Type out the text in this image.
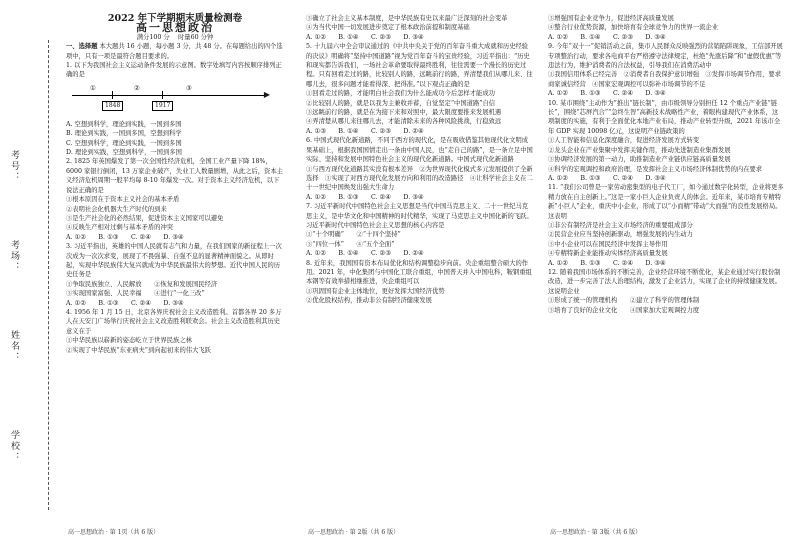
考号：
考场：
姓名：
学校：

2022 年下学期期末质量检测卷

高一思想政治

满分100 分　 时量60 分钟

一、选择题 本大题共 16 小题，每小题 3 分，共 48 分。在每题给出的四个选项中，只有一项是最符合题目要求的。

1. 以下为我国社会主义运动条件发展的示意图。数字处填写内容按顺序排列正确的是

▶
①	②	③
1848	1917

A. 空想到科学，理论到实践，一国到多国

B. 理论到实践，一国到多国，空想到科学

C. 空想到科学，理论到实践，一国到多国

D. 理论到实践，空想到科学，一国到多国

2. 1825 年英国爆发了第一次全国性经济危机，全国工业产量下降 18%，6000 家银行倒闭，13 万家企业破产，失业工人数量剧增，从此之后，资本主义经济危机周期一般平均每 8-10 年爆发一次。对于资本主义经济危机，以下说法正确的是

①根本原因在于资本主义社会的基本矛盾

②表明社会化机器大生产时代的到来

③是生产社会化的必然结果，促进资本主义国家可以避免

④反映生产相对过剩与基本矛盾的冲突

A. ①②　　B. ①③　　C. ②④　　D. ③④

3. 习近平指出，英雄的中国人民就有志气和力量，在我们国家的新征程上一次次成为一次次求变，展现了不畏强暴、自强不息的显著精神面貌之。从即时起，实现中华民族伟大复兴就成为中华民族最伟大的梦想。近代中国人民的历史任务是

①争取民族独立、人民解放　　②恢复和发展国民经济

③实现国家富强、人民幸福　　④进行“一化三改”

A. ①②　　B. ①③　　C. ②④　　D. ③④

4. 1956 年 1 月 15 日，北京各界庆祝社会主义改造胜利。首都各界 20 多万人在天安门广场举行庆祝社会主义改造胜利联欢会。社会主义改造胜利其历史意义在于

①中华民族以崭新的姿态屹立于世界民族之林

②实现了中华民族“东亚病夫”到向起初来的伟大飞跃

高一思想政治 · 第 1页（共 6 版）

③确立了社会主义基本制度，是中华民族有史以来最广泛深刻的社会变革

④为当代中国一切发展进步奠定了根本政治前提和制度基础

A. ①②　　B. ①④　　C. ②③　　D. ③④

5. 十九届六中全会审议通过的《中共中央关于党的百年奋斗重大成就和历史经验的决议》明确将“坚持中国道路”视为党百年奋斗的宝贵经验，习近平指出：“历史和现实都告诉我们，一场社会革命要取得最终胜利，往往需要一个漫长的历史过程。只有回看走过的路，比较别人的路，远眺前行的路，弄清楚我们从哪儿来、往哪儿去，很多问题才能看得深、把得准。”以下观点正确的是

①回看走过的路，才能明白社会我们为什么能成功今后怎样才能成功

②比较别人的路，就是以我为主兼收并蓄，自觉坚定“中国道路”自信

③远眺前行的路，就是在为接下来和对照中，最大限度要推来发展机遇

④弄清楚从哪儿来往哪儿去，才能清除未来的各种风险挑战，行稳致远

A. ①③　　B. ①④　　C. ②③　　D. ②④

6. 中国式现代化新道路，不同于西方的现代化，是在吸收借鉴其他现代化文明成果基础上，根据我国国情走出一条由中国人民，也“走自己的路”，是一条立足中国实际、坚持和发展中国特色社会主义的现代化新道路。中国式现代化新道路

①与西方现代化道路其实没有根本差异　②为世界现代化模式多元发展提供了全新选择　③实现了对西方现代化发展方向和利用的改造路径　④让科学社会主义在二十一世纪中国焕发出强大生命力

A. ①②　　B. ①③　　C. ②④　　D. ③④

7. 习近平新时代中国特色社会主义思想是当代中国马克思主义、二十一世纪马克思主义，是中华文化和中国精神的时代精华，实现了马克思主义中国化新的飞跃。习近平新时代中国特色社会主义思想的核心内容是

①“十个明确”　　②“十四个坚持”

③“四位一体”　　④“五个全面”

A. ①②　　B. ①④　　C. ②③　　D. ②④

8. 近年来，我国国有资本布局优化和结构调整稳步向前。央企重组整合硕大的作用。2021 年，中化集团与中国化工联合重组，中国普天并入中国电科，鞍钢重组本钢等有效举措相继推进，央企重组可以

①巩固国有企业主体地位，更好发挥大国经济优势

②优化股权结构，推动非公有制经济健康发展

高一思想政治 · 第 2版（共 6 版）

③增强国有企业竞争力，促进经济高质量发展

④整合行业优势资源，加快培育有全球竞争力的世界一流企业

A. ①②　　B. ①④　　C. ②③　　D. ③④

9. 今年“双十一”促销活动之前，集市人民群众反映强烈的营销陷阱现象，工信部开展专项整治行动，要求各电商平台严格遵守法律规定，杜绝“先涨后降”和“虚假优惠”等违法行为，维护消费者的合法权益，引导我们在消费活动中

①我国信用体系已经完善　②消费者自我保护意识增强　③发挥市场调节作用，要求商家诚信经营　④国家宏观调控可以弥补市场调节的不足

A. ①②　　B. ①③　　C. ②④　　D. ③④

10. 某市围绕“主动作为”推出“链长制”，由市级领导分别担任 12 个重点产业链“链长”，围绕“芯屏汽合”“急终生智”高新技术战略性产业，着眼构建现代产业体系，这项制度的实施，有利于全面优化本地产业布局，推动产业转型升级，2021 年该市全年 GDP 实现 10098 亿元，这说明产业链政策的

①人工智能和信息化深度融合，促进经济发展方式转变

②龙头企业在产业集聚中发挥关键作用，推动先进制造业集群发展

③协调经济发展的第一动力，助推制造业产业链供应链高质量发展

④科学的宏观调控和政府治理，是发挥社会主义市场经济体制优势的内在要求

A. ①②　　B. ①③　　C. ②④　　D. ③④

11. “我们公司曾是一家劳动密集型的电子代工厂，如今通过数字化转型，企业将更多精力放在自主创新上。”这是一家小巨人企业负责人的体会。近年来，某市培育专精特新“小巨人”企业，重庆中小企业，形成了以“小而精”带动“大而强”的良性发展格局。这表明

①非公有制经济是社会主义市场经济的重要组成部分

②民营企业应当坚持创新驱动，增强发展的内生动力

③中小企业可以在国民经济中发挥主导作用

④专精特新企业能推动实体经济高质量发展

A. ①②　　B. ①③　　C. ②④　　D. ③④

12. 随着我国市场体系的不断完善，企业经营环境不断优化，某企业通过实行股份制改造，进一步完善了法人治理结构，激发了企业活力，实现了企业的持续健康发展。这说明企业

①形成了统一的管理机构　　②建立了科学的管理体制

③培育了良好的企业文化　　④国家加大宏观调控力度

高一思想政治 · 第 3版（共 6 版）
